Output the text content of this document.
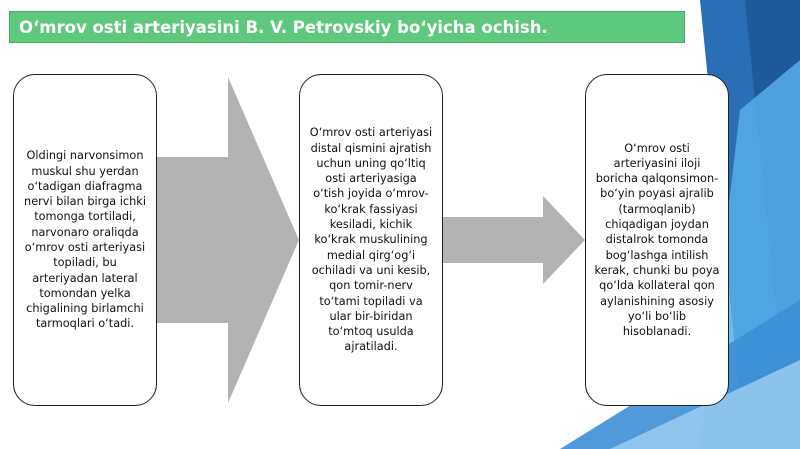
O‘mrov osti arteriyasini B. V. Petrovskiy bo‘yicha ochish.
Oldingi narvonsimon muskul shu yerdan o‘tadigan diafragma nervi bilan birga ichki tomonga tortiladi, narvonaro oraliqda o‘mrov osti arteriyasi topiladi, bu arteriyadan lateral tomondan yelka chigalining birlamchi tarmoqlari o‘tadi.
O‘mrov osti arteriyasi distal qismini ajratish uchun uning qo‘ltiq osti arteriyasiga o‘tish joyida o‘mrov-ko‘krak fassiyasi kesiladi, kichik ko‘krak muskulining medial qirg‘og‘i ochiladi va uni kesib, qon tomir-nerv to‘tami topiladi va ular bir-biridan to‘mtoq usulda ajratiladi.
O‘mrov osti arteriyasini iloji boricha qalqonsimon-bo‘yin poyasi ajralib (tarmoqlanib) chiqadigan joydan distalrok tomonda bog‘lashga intilish kerak, chunki bu poya qo‘lda kollateral qon aylanishining asosiy yo‘li bo‘lib hisoblanadi.
